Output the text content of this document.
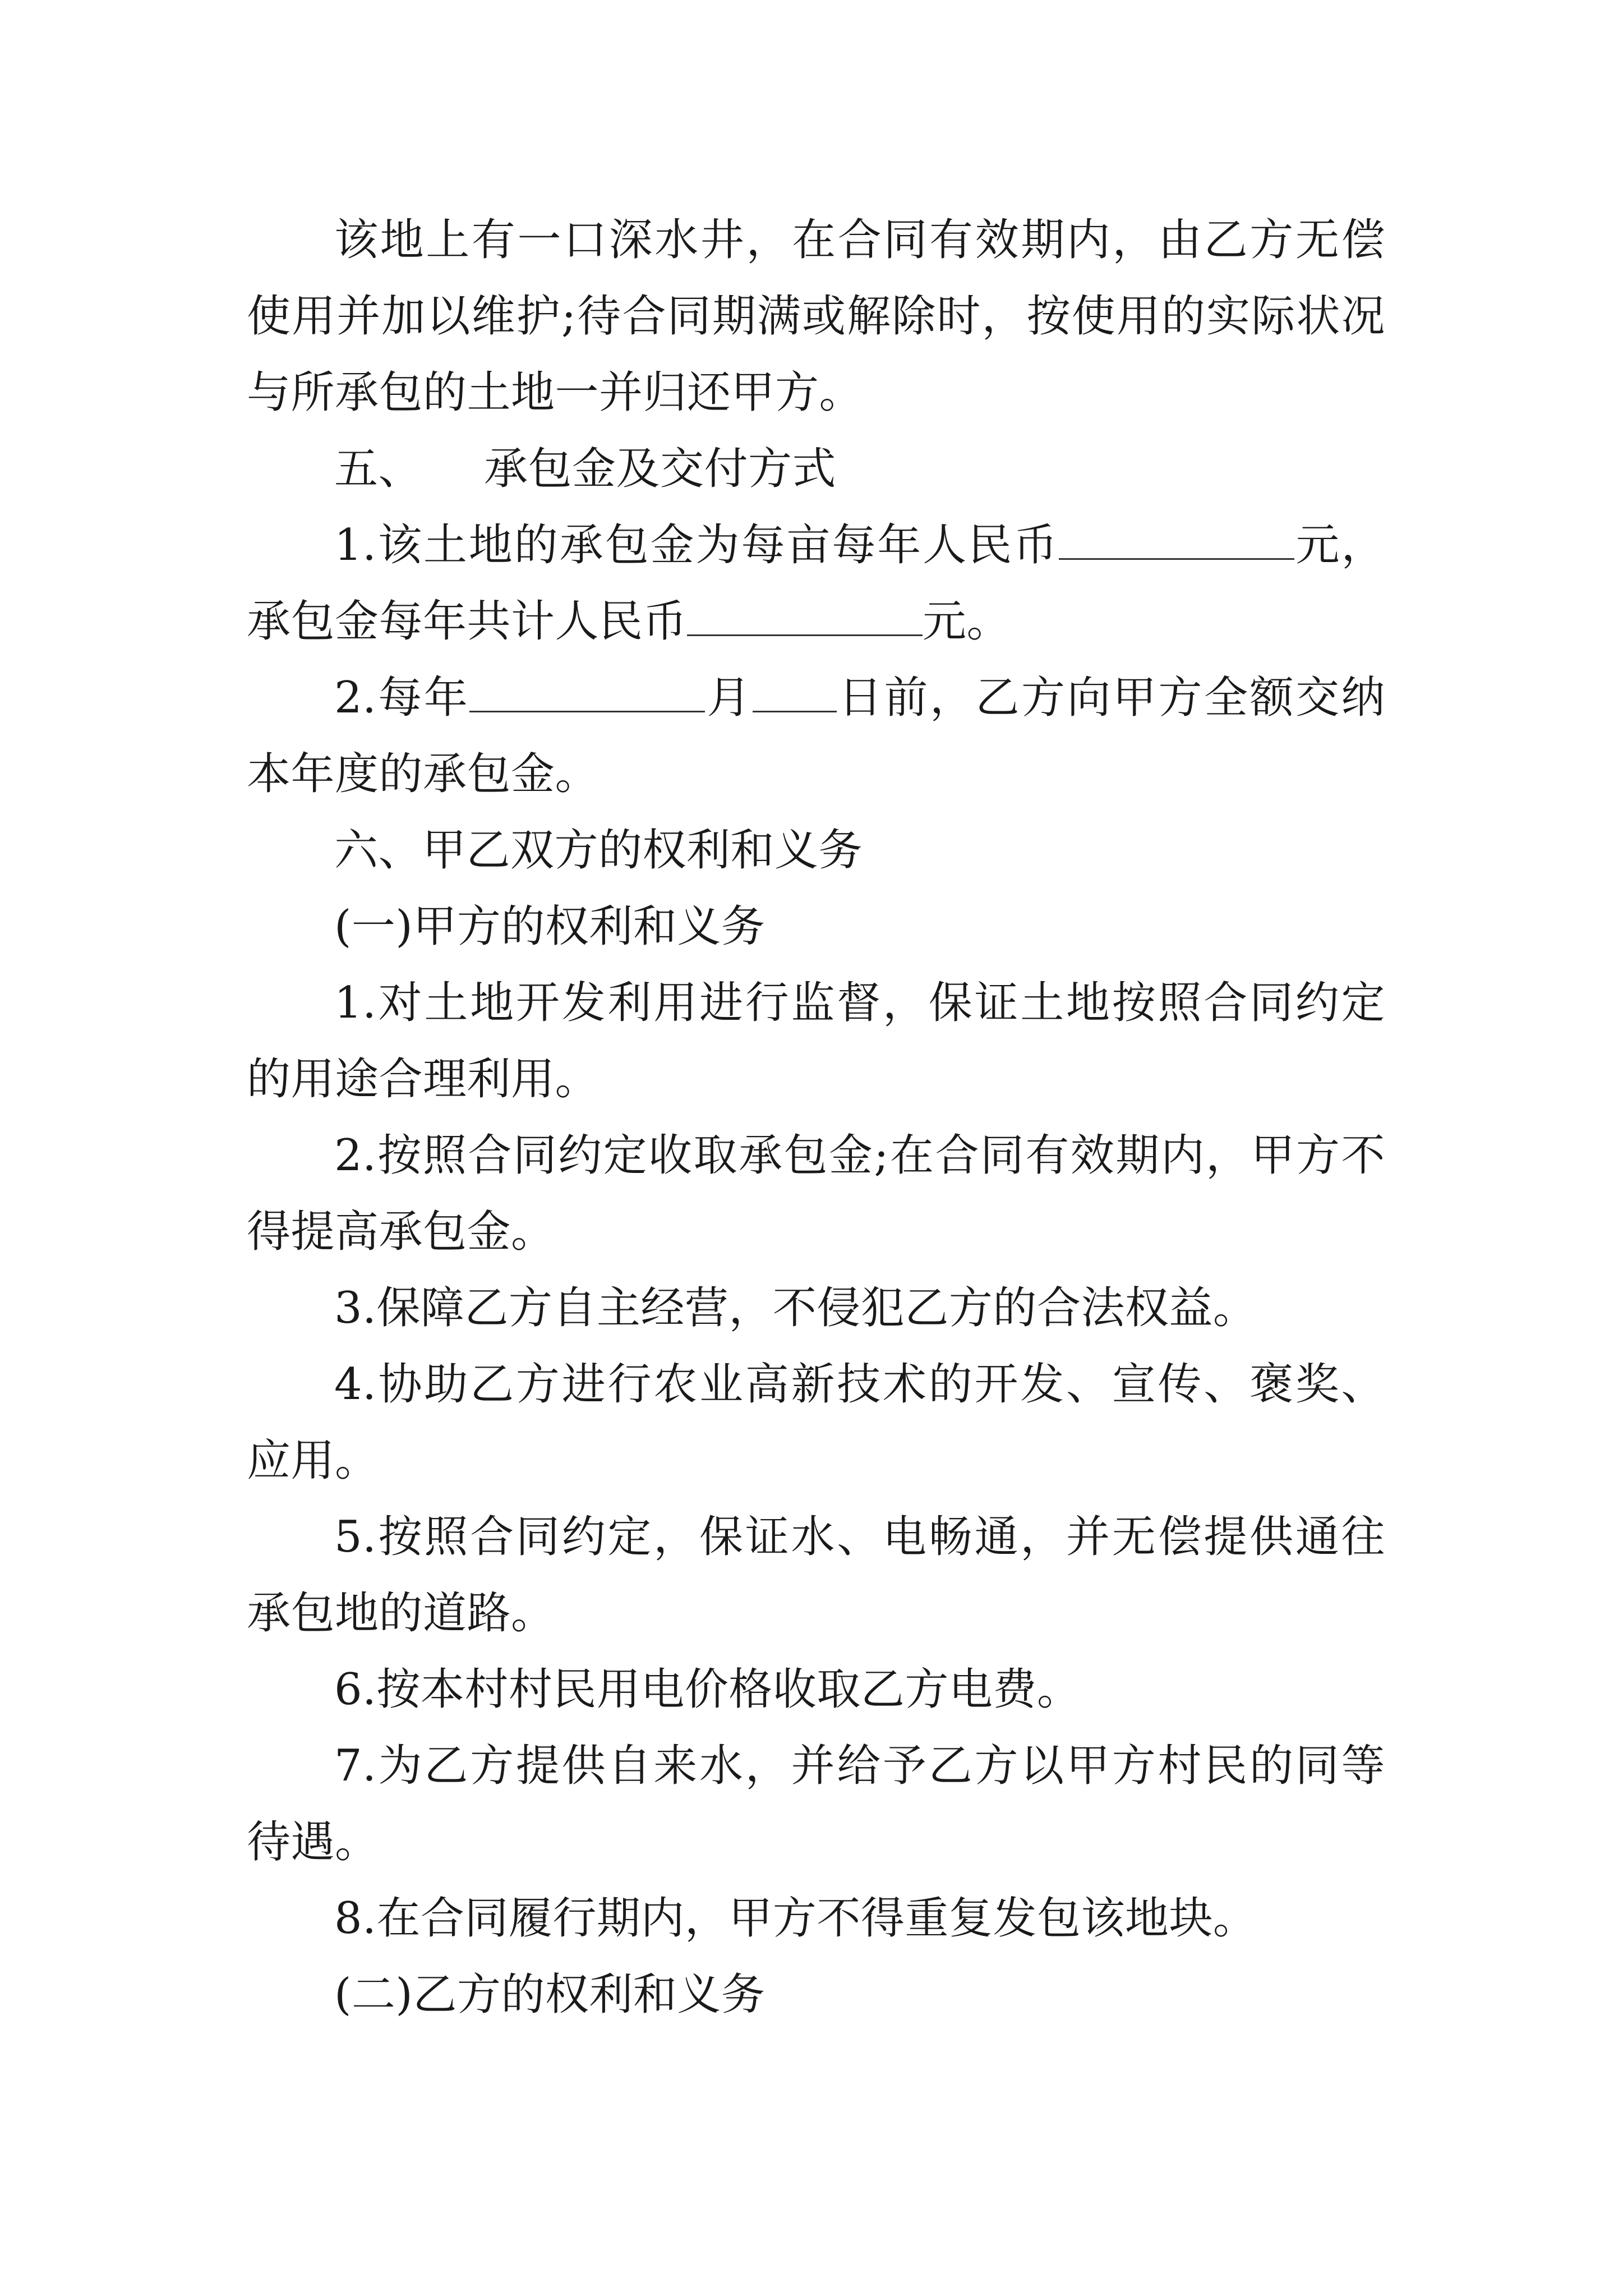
该地上有一口深水井，在合同有效期内，由乙方无偿使用并加以维护;待合同期满或解除时，按使用的实际状况与所承包的土地一并归还甲方。

五、 承包金及交付方式

1.该土地的承包金为每亩每年人民币	元，承包金每年共计人民币	元。

2.每年	月 日前，乙方向甲方全额交纳本年度的承包金。

六、甲乙双方的权利和义务

(一)甲方的权利和义务

1.对土地开发利用进行监督，保证土地按照合同约定的用途合理利用。

2.按照合同约定收取承包金;在合同有效期内，甲方不得提高承包金。

3.保障乙方自主经营，不侵犯乙方的合法权益。

4.协助乙方进行农业高新技术的开发、宣传、褒奖、应用。

5.按照合同约定，保证水、电畅通，并无偿提供通往承包地的道路。

6.按本村村民用电价格收取乙方电费。

7.为乙方提供自来水，并给予乙方以甲方村民的同等待遇。

8.在合同履行期内，甲方不得重复发包该地块。

(二)乙方的权利和义务
